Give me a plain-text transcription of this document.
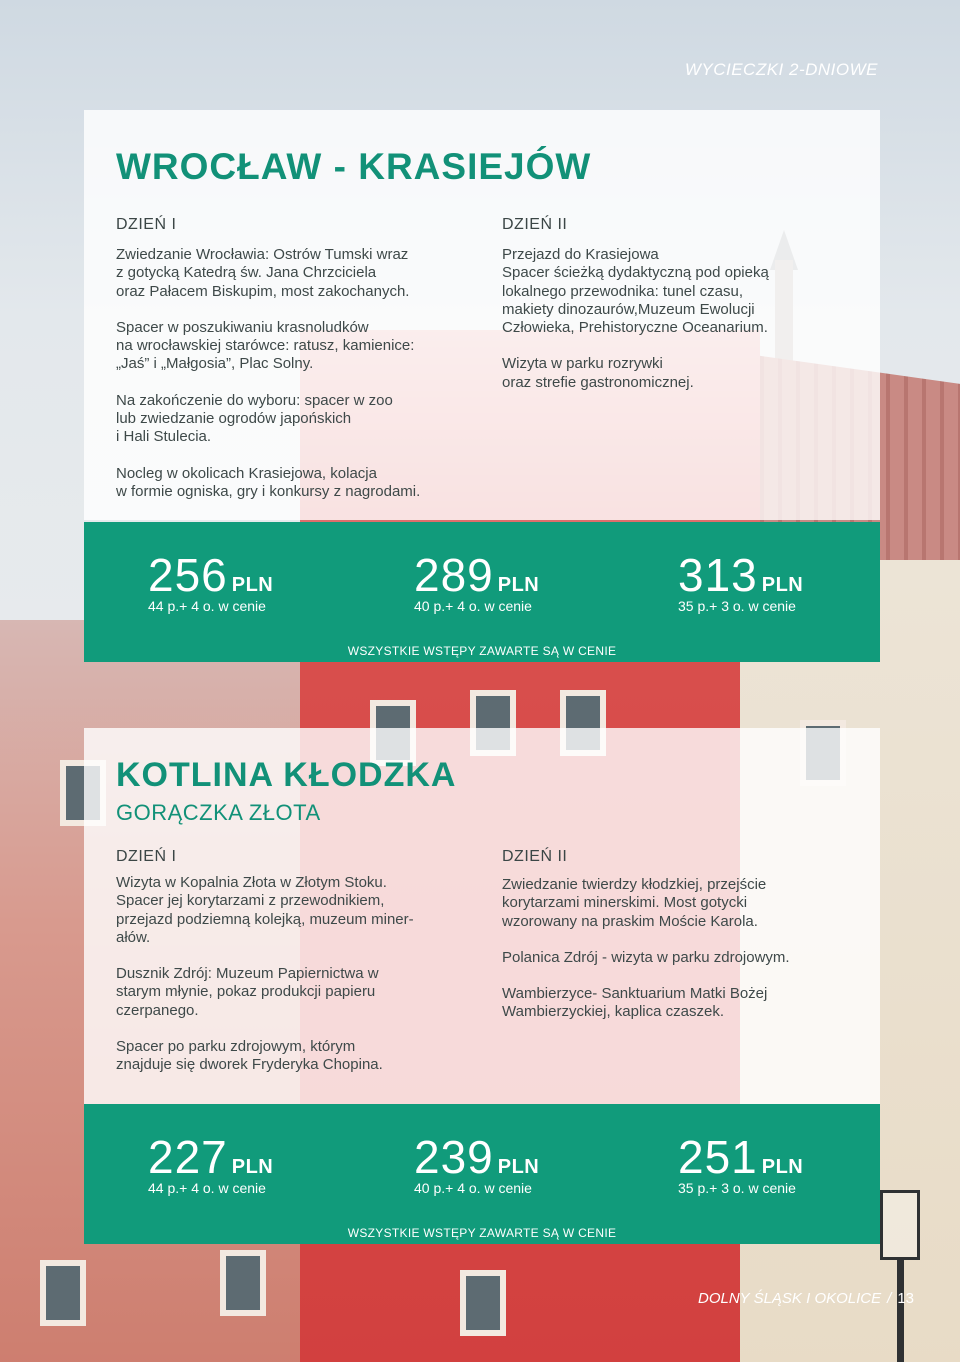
WYCIECZKI 2-DNIOWE
WROCŁAW - KRASIEJÓW
DZIEŃ I

Zwiedzanie Wrocławia: Ostrów Tumski wraz
z gotycką Katedrą św. Jana Chrzciciela
oraz Pałacem Biskupim, most zakochanych.

Spacer w poszukiwaniu krasnoludków
na wrocławskiej starówce: ratusz, kamienice:
„Jaś” i „Małgosia”, Plac Solny.

Na zakończenie do wyboru: spacer w zoo
lub zwiedzanie ogrodów japońskich
i Hali Stulecia.

Nocleg w okolicach Krasiejowa, kolacja
w formie ogniska, gry i konkursy z nagrodami.

DZIEŃ II

Przejazd do Krasiejowa
Spacer ścieżką dydaktyczną pod opieką
lokalnego przewodnika: tunel czasu,
makiety dinozaurów,Muzeum Ewolucji
Człowieka, Prehistoryczne Oceanarium.

Wizyta w parku rozrywki
oraz strefie gastronomicznej.

256 PLN
44 p.+ 4 o. w cenie
289 PLN
40 p.+ 4 o. w cenie
313 PLN
35 p.+ 3 o. w cenie
WSZYSTKIE WSTĘPY ZAWARTE SĄ W CENIE
KOTLINA KŁODZKA
GORĄCZKA ZŁOTA
DZIEŃ I

Wizyta w Kopalnia Złota w Złotym Stoku.
Spacer jej korytarzami z przewodnikiem,
przejazd podziemną kolejką, muzeum miner-
ałów.

Dusznik Zdrój: Muzeum Papiernictwa w
starym młynie, pokaz produkcji papieru
czerpanego.

Spacer po parku zdrojowym, którym
znajduje się dworek Fryderyka Chopina.

DZIEŃ II

Zwiedzanie twierdzy kłodzkiej, przejście
korytarzami minerskimi. Most gotycki
wzorowany na praskim Moście Karola.

Polanica Zdrój - wizyta w parku zdrojowym.

Wambierzyce- Sanktuarium Matki Bożej
Wambierzyckiej, kaplica czaszek.

227 PLN
44 p.+ 4 o. w cenie
239 PLN
40 p.+ 4 o. w cenie
251 PLN
35 p.+ 3 o. w cenie
WSZYSTKIE WSTĘPY ZAWARTE SĄ W CENIE
DOLNY ŚLĄSK I OKOLICE / 13
